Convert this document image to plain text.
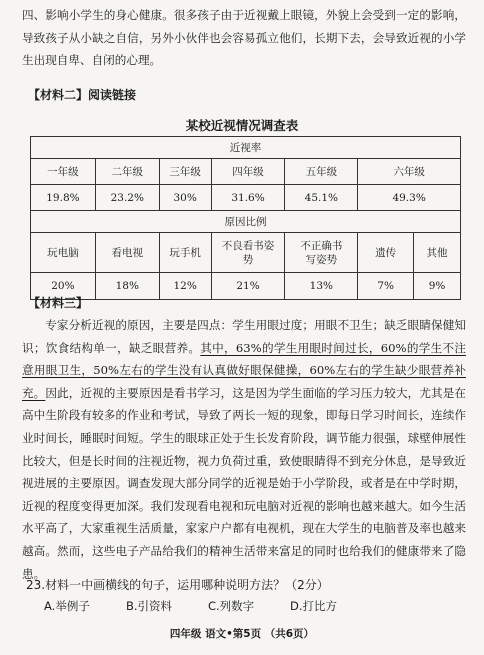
四、影响小学生的身心健康。很多孩子由于近视戴上眼镜，外貌上会受到一定的影响，导致孩子从小缺之自信，另外小伙伴也会容易孤立他们，长期下去，会导致近视的小学生出现自卑、自闭的心理。
【材料二】阅读链接
某校近视情况调查表
近视率						
一年级	二年级	三年级	四年级	五年级	六年级	
19.8%	23.2%	30%	31.6%	45.1%	49.3%	
原因比例						
玩电脑	看电视	玩手机	不良看书姿势	不正确书写姿势	遗传	其他
20%	18%	12%	21%	13%	7%	9%
【材料三】
专家分析近视的原因，主要是四点：学生用眼过度；用眼不卫生；缺乏眼睛保健知识；饮食结构单一，缺乏眼营养。其中，63%的学生用眼时间过长，60%的学生不注意用眼卫生，50%左右的学生没有认真做好眼保健操，60%左右的学生缺少眼营养补充。因此，近视的主要原因是看书学习，这是因为学生面临的学习压力较大，尤其是在高中生阶段有较多的作业和考试，导致了两长一短的现象，即每日学习时间长，连续作业时间长，睡眠时间短。学生的眼球正处于生长发育阶段，调节能力很强，球壁伸展性比较大，但是长时间的注视近物，视力负荷过重，致使眼睛得不到充分休息，是导致近视进展的主要原因。调查发现大部分同学的近视是始于小学阶段，或者是在中学时期，近视的程度变得更加深。我们发现看电视和玩电脑对近视的影响也越来越大。如今生活水平高了，大家重视生活质量，家家户户都有电视机，现在大学生的电脑普及率也越来越高。然而，这些电子产品给我们的精神生活带来富足的同时也给我们的健康带来了隐患。
23.材料一中画横线的句子，运用哪种说明方法？（2分）
A.举例子	B.引资料	C.列数字	D.打比方
四年级 语文•第5页 （共6页）
